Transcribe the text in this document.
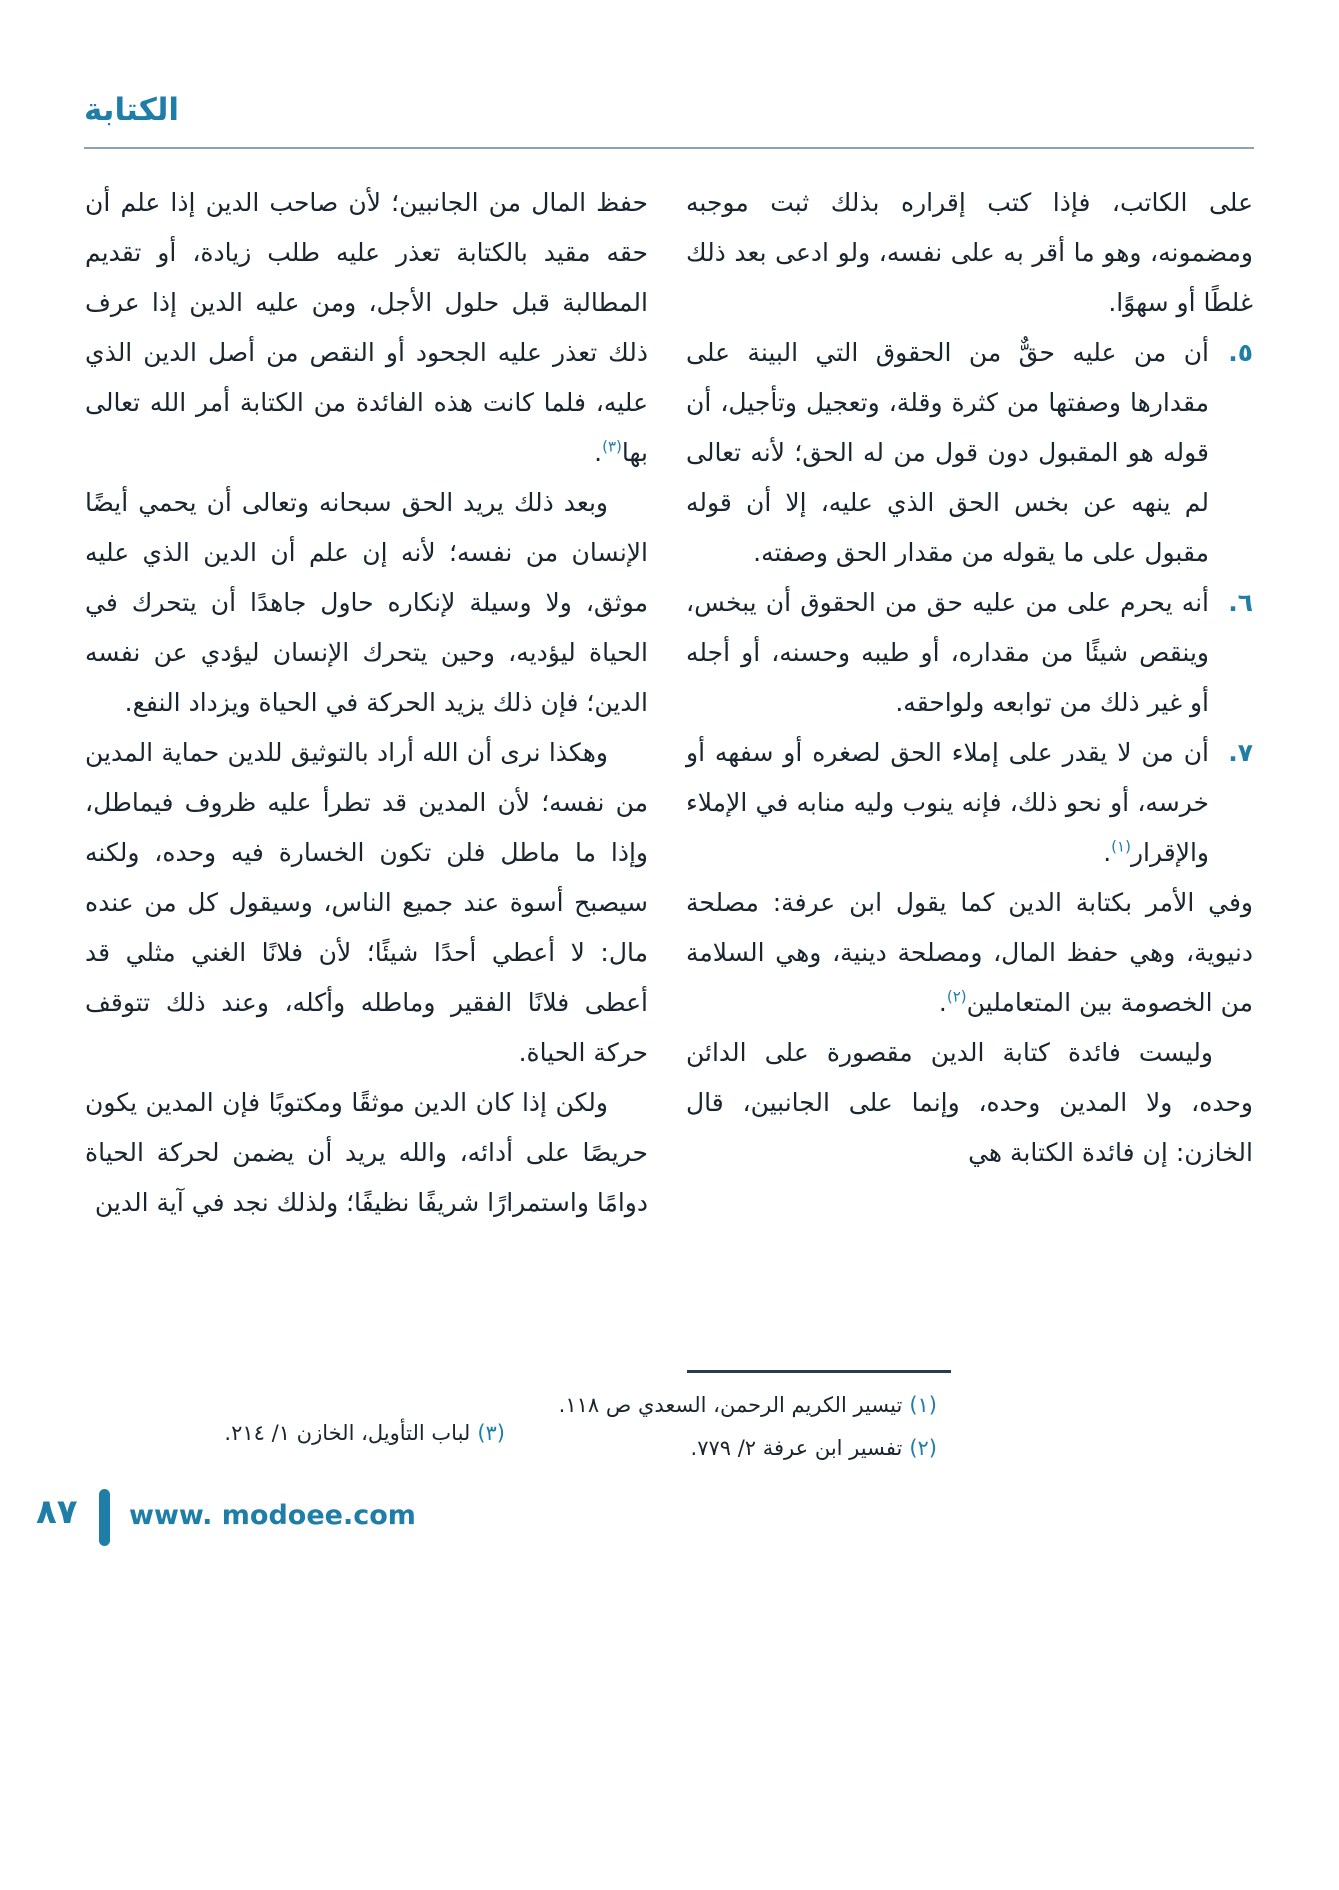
الكتابة

على الكاتب، فإذا كتب إقراره بذلك ثبت موجبه ومضمونه، وهو ما أقر به على نفسه، ولو ادعى بعد ذلك غلطًا أو سهوًا.

٥.
أن من عليه حقٌّ من الحقوق التي البينة على مقدارها وصفتها من كثرة وقلة، وتعجيل وتأجيل، أن قوله هو المقبول دون قول من له الحق؛ لأنه تعالى لم ينهه عن بخس الحق الذي عليه، إلا أن قوله مقبول على ما يقوله من مقدار الحق وصفته.
٦.
أنه يحرم على من عليه حق من الحقوق أن يبخس، وينقص شيئًا من مقداره، أو طيبه وحسنه، أو أجله أو غير ذلك من توابعه ولواحقه.
٧.
أن من لا يقدر على إملاء الحق لصغره أو سفهه أو خرسه، أو نحو ذلك، فإنه ينوب وليه منابه في الإملاء والإقرار$^{(١)}$.

وفي الأمر بكتابة الدين كما يقول ابن عرفة: مصلحة دنيوية، وهي حفظ المال، ومصلحة دينية، وهي السلامة من الخصومة بين المتعاملين$^{(٢)}$.

وليست فائدة كتابة الدين مقصورة على الدائن وحده، ولا المدين وحده، وإنما على الجانبين، قال الخازن: إن فائدة الكتابة هي

حفظ المال من الجانبين؛ لأن صاحب الدين إذا علم أن حقه مقيد بالكتابة تعذر عليه طلب زيادة، أو تقديم المطالبة قبل حلول الأجل، ومن عليه الدين إذا عرف ذلك تعذر عليه الجحود أو النقص من أصل الدين الذي عليه، فلما كانت هذه الفائدة من الكتابة أمر الله تعالى بها$^{(٣)}$.

وبعد ذلك يريد الحق سبحانه وتعالى أن يحمي أيضًا الإنسان من نفسه؛ لأنه إن علم أن الدين الذي عليه موثق، ولا وسيلة لإنكاره حاول جاهدًا أن يتحرك في الحياة ليؤديه، وحين يتحرك الإنسان ليؤدي عن نفسه الدين؛ فإن ذلك يزيد الحركة في الحياة ويزداد النفع.

وهكذا نرى أن الله أراد بالتوثيق للدين حماية المدين من نفسه؛ لأن المدين قد تطرأ عليه ظروف فيماطل، وإذا ما ماطل فلن تكون الخسارة فيه وحده، ولكنه سيصبح أسوة عند جميع الناس، وسيقول كل من عنده مال: لا أعطي أحدًا شيئًا؛ لأن فلانًا الغني مثلي قد أعطى فلانًا الفقير وماطله وأكله، وعند ذلك تتوقف حركة الحياة.

ولكن إذا كان الدين موثقًا ومكتوبًا فإن المدين يكون حريصًا على أدائه، والله يريد أن يضمن لحركة الحياة دوامًا واستمرارًا شريفًا نظيفًا؛ ولذلك نجد في آية الدين

(١)تيسير الكريم الرحمن، السعدي ص ١١٨.
(٢)تفسير ابن عرفة ٢/ ٧٧٩.
(٣)لباب التأويل، الخازن ١/ ٢١٤.
٨٧ www. modoee.com
